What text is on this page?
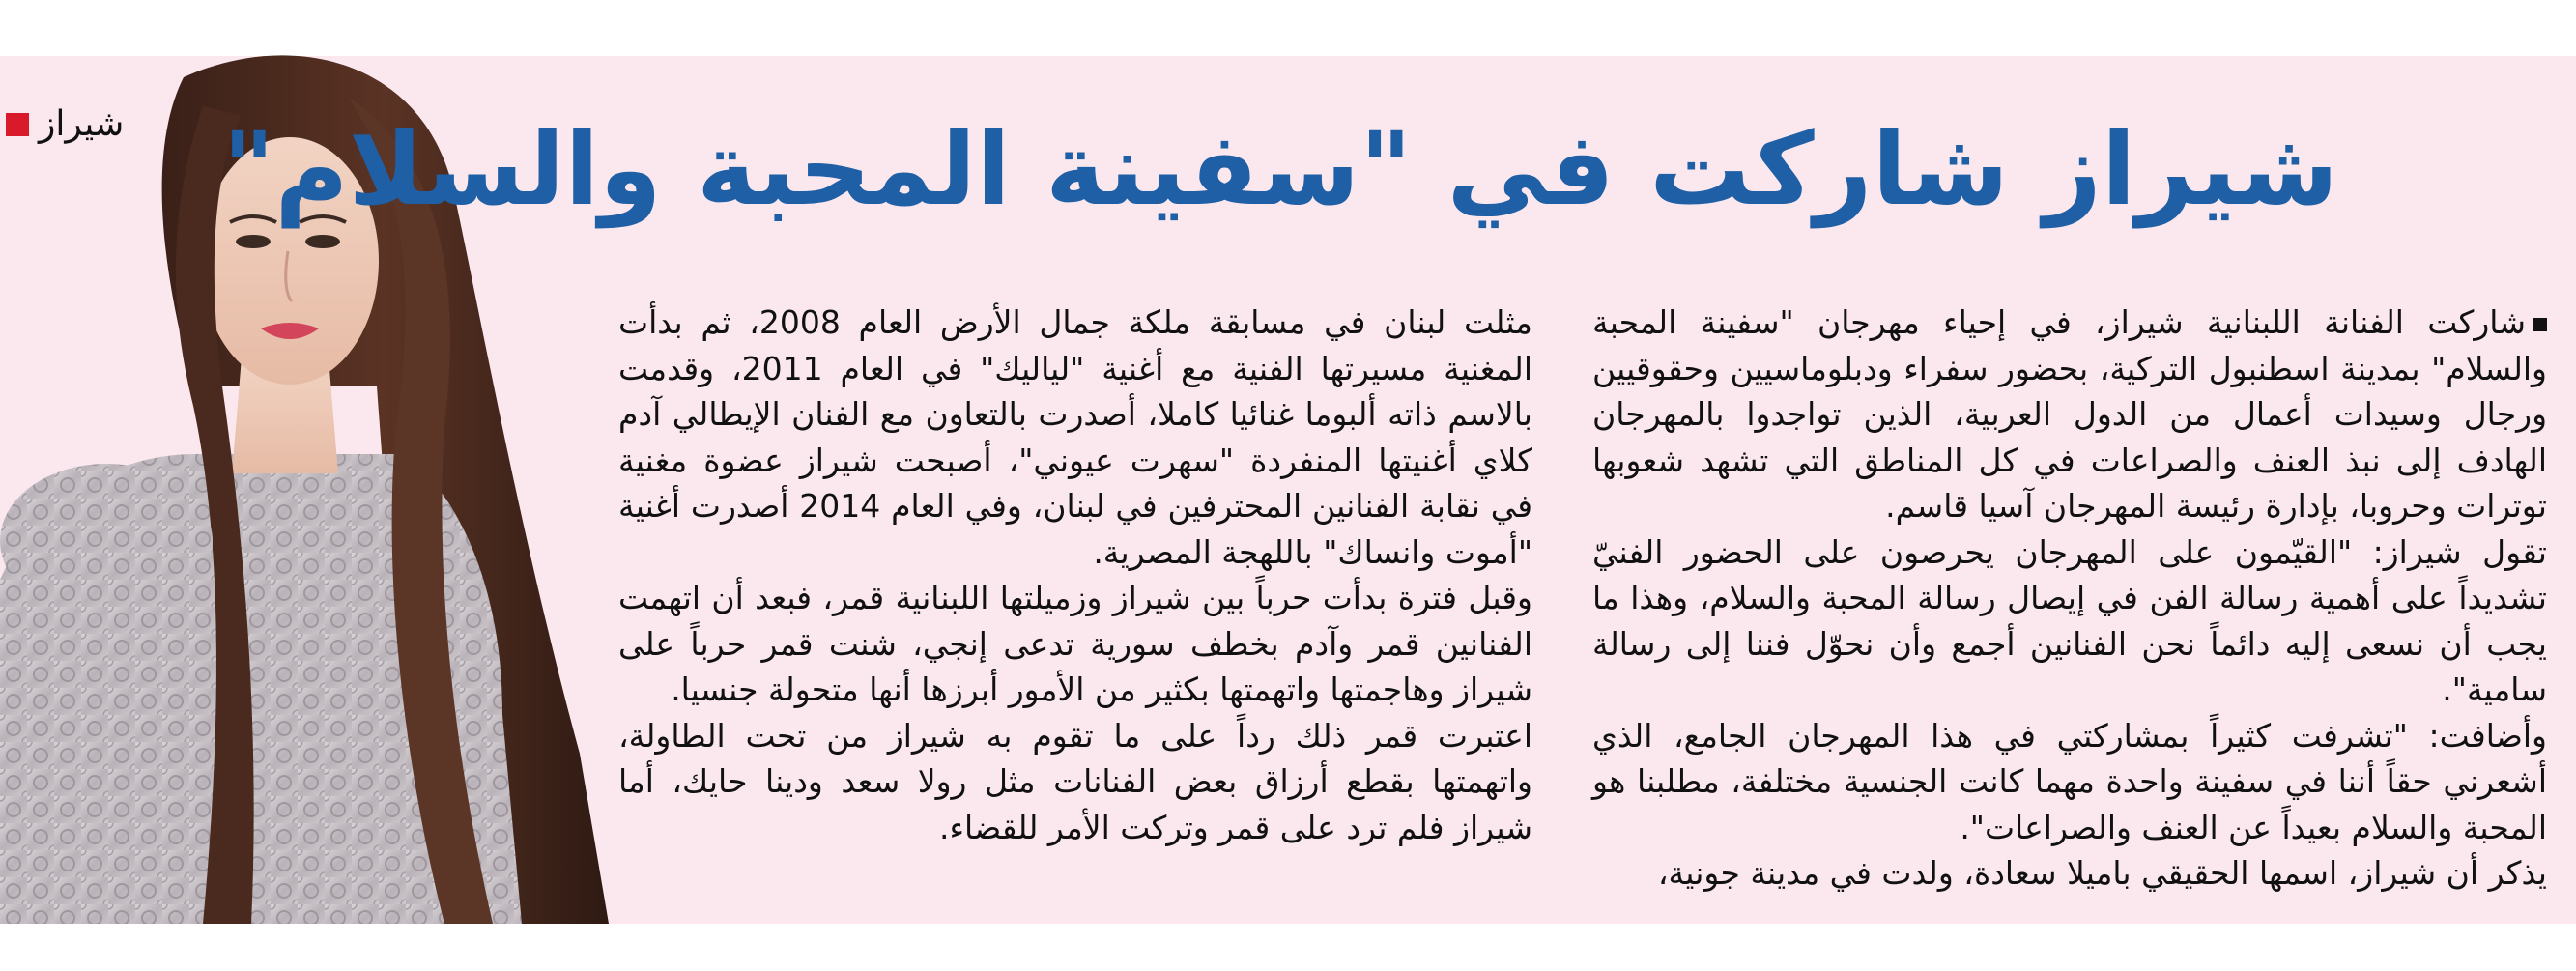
شيراز شيراز شاركت في "سفينة المحبة والسلام"

شاركت الفنانة اللبنانية شيراز، في إحياء مهرجان "سفينة المحبة والسلام" بمدينة اسطنبول التركية، بحضور سفراء ودبلوماسيين وحقوقيين ورجال وسيدات أعمال من الدول العربية، الذين تواجدوا بالمهرجان الهادف إلى نبذ العنف والصراعات في كل المناطق التي تشهد شعوبها توترات وحروبا، بإدارة رئيسة المهرجان آسيا قاسم.

تقول شيراز: "القيّمون على المهرجان يحرصون على الحضور الفنيّ تشديداً على أهمية رسالة الفن في إيصال رسالة المحبة والسلام، وهذا ما يجب أن نسعى إليه دائماً نحن الفنانين أجمع وأن نحوّل فننا إلى رسالة سامية".

وأضافت: "تشرفت كثيراً بمشاركتي في هذا المهرجان الجامع، الذي أشعرني حقاً أننا في سفينة واحدة مهما كانت الجنسية مختلفة، مطلبنا هو المحبة والسلام بعيداً عن العنف والصراعات".

يذكر أن شيراز، اسمها الحقيقي باميلا سعادة، ولدت في مدينة جونية،

مثلت لبنان في مسابقة ملكة جمال الأرض العام 2008، ثم بدأت المغنية مسيرتها الفنية مع أغنية "لياليك" في العام 2011، وقدمت بالاسم ذاته ألبوما غنائيا كاملا، أصدرت بالتعاون مع الفنان الإيطالي آدم كلاي أغنيتها المنفردة "سهرت عيوني"، أصبحت شيراز عضوة مغنية في نقابة الفنانين المحترفين في لبنان، وفي العام 2014 أصدرت أغنية "أموت وانساك" باللهجة المصرية.

وقبل فترة بدأت حرباً بين شيراز وزميلتها اللبنانية قمر، فبعد أن اتهمت الفنانين قمر وآدم بخطف سورية تدعى إنجي، شنت قمر حرباً على شيراز وهاجمتها واتهمتها بكثير من الأمور أبرزها أنها متحولة جنسيا.

اعتبرت قمر ذلك رداً على ما تقوم به شيراز من تحت الطاولة، واتهمتها بقطع أرزاق بعض الفنانات مثل رولا سعد ودينا حايك، أما شيراز فلم ترد على قمر وتركت الأمر للقضاء.
